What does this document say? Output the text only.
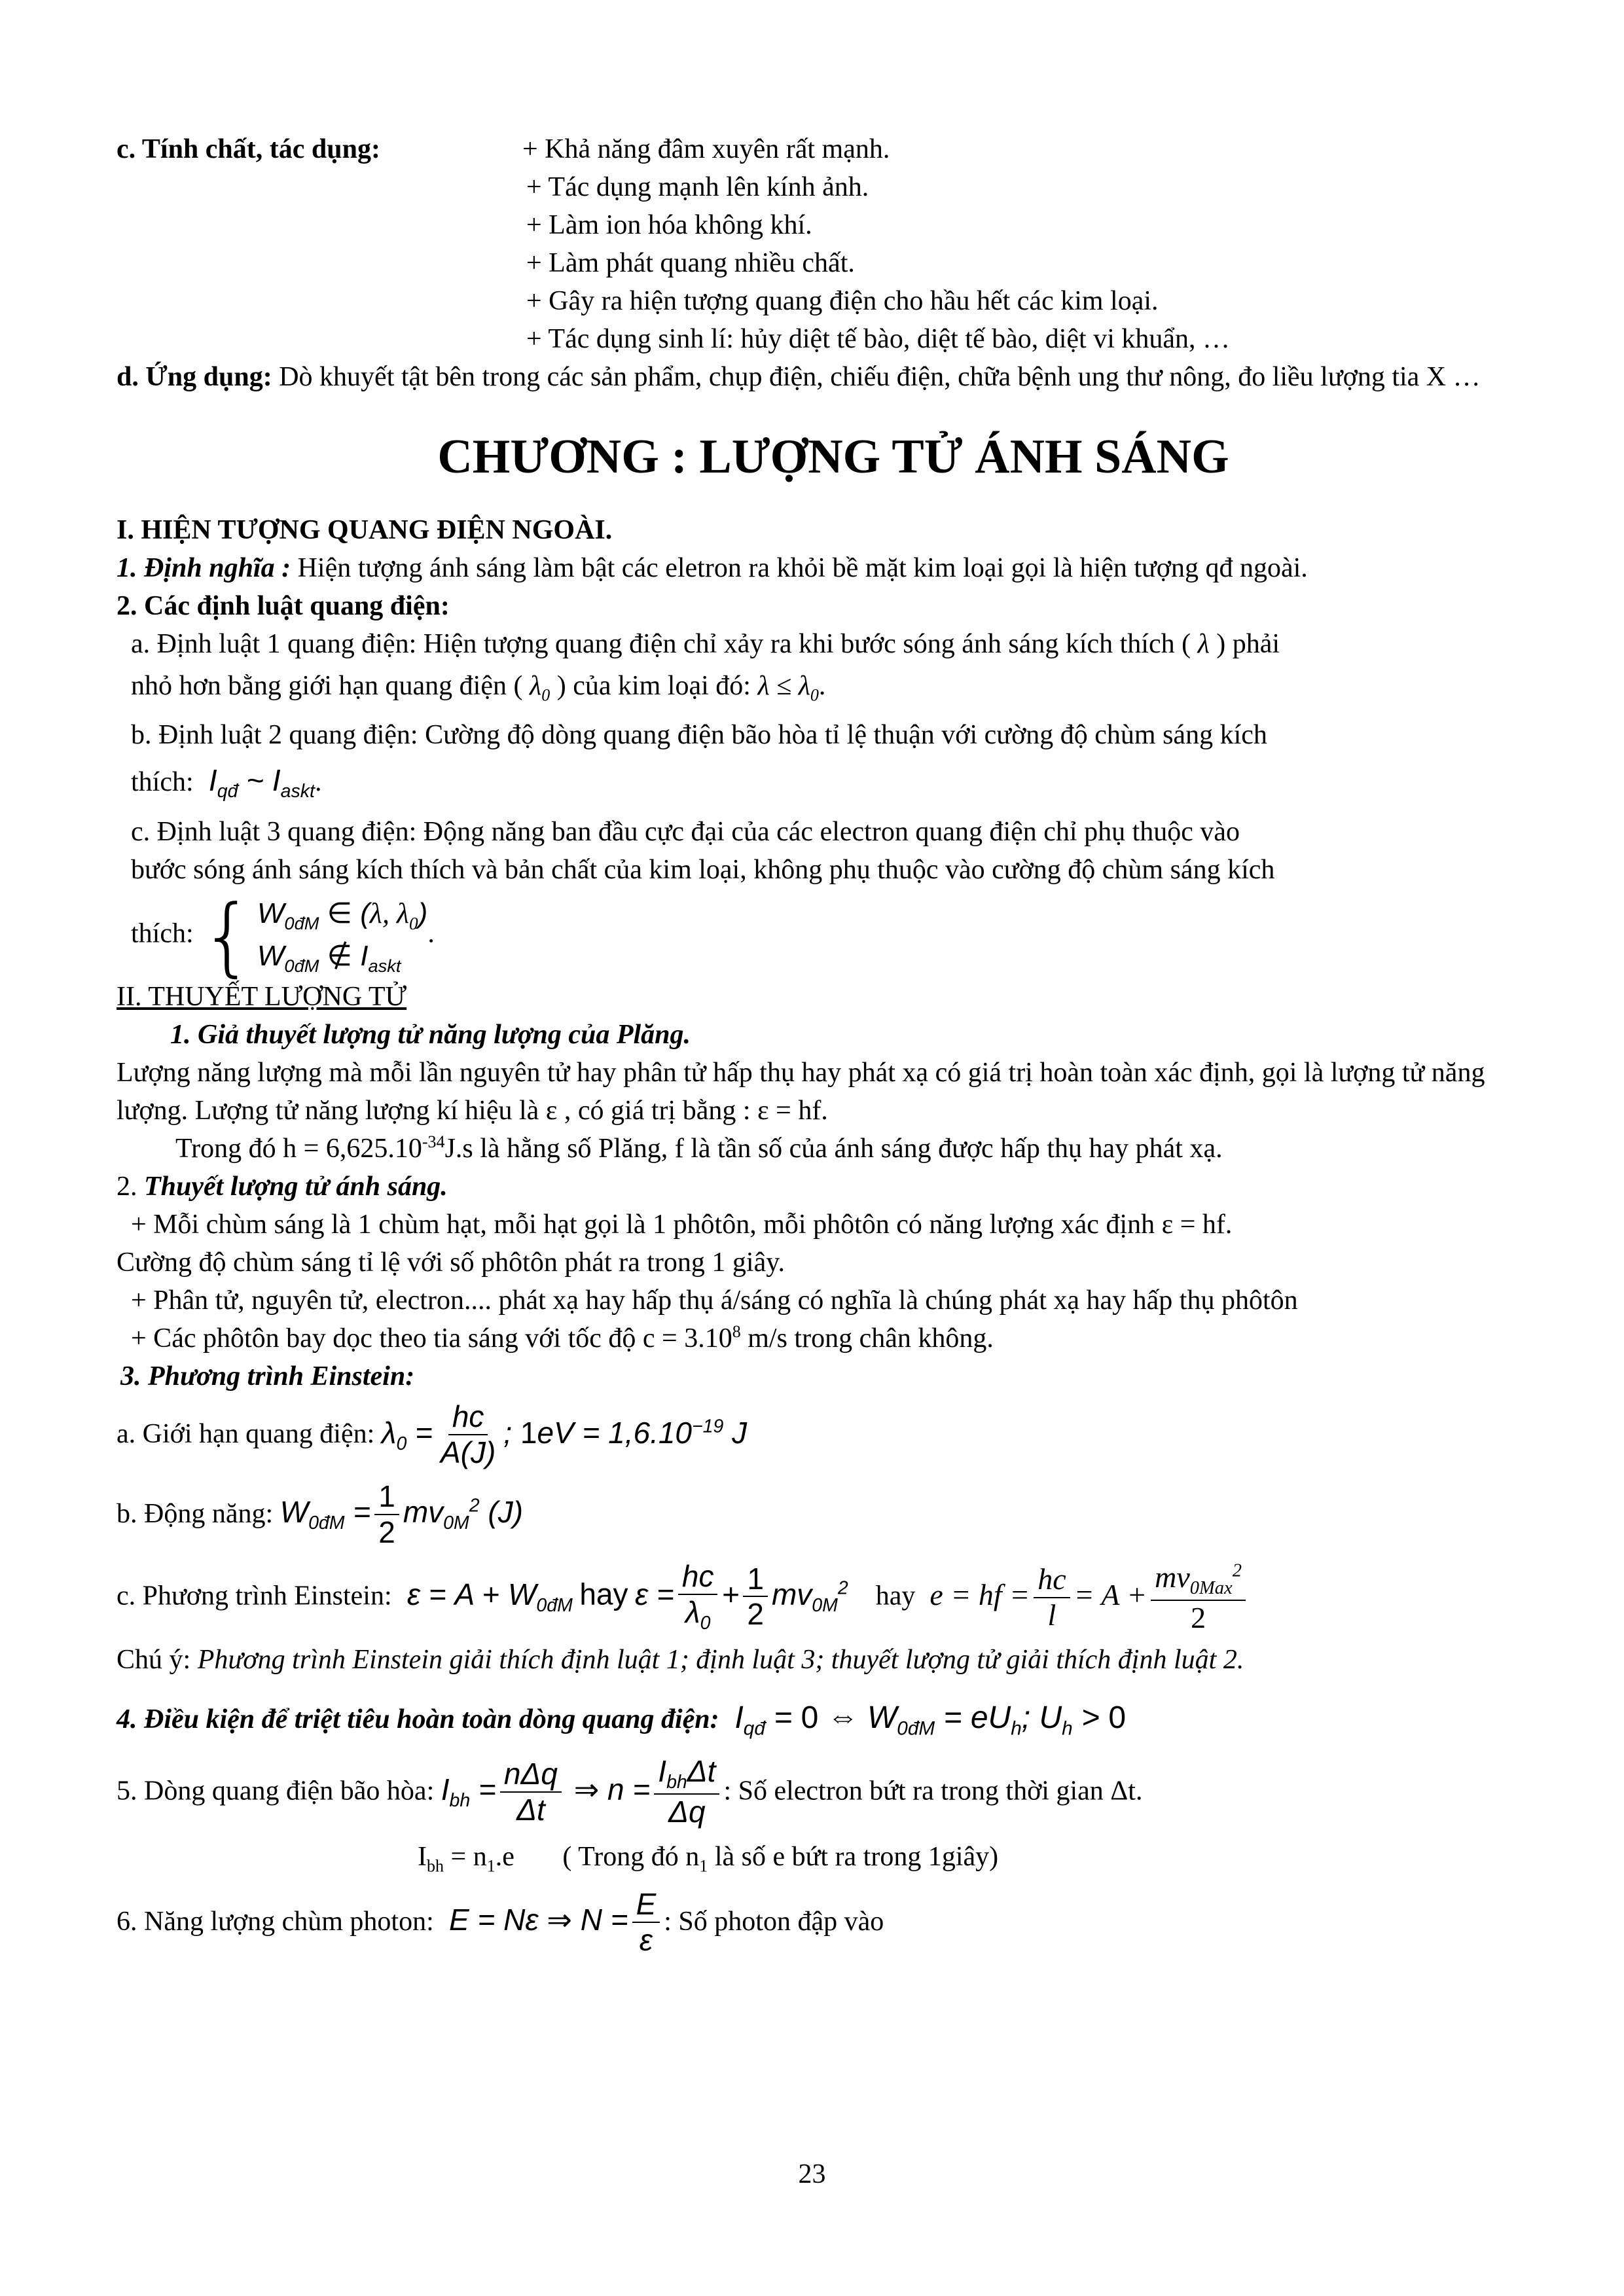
c. Tính chất, tác dụng:	+ Khả năng đâm xuyên rất mạnh.

+ Tác dụng mạnh lên kính ảnh.

+ Làm ion hóa không khí.

+ Làm phát quang nhiều chất.

+ Gây ra hiện tượng quang điện cho hầu hết các kim loại.

+ Tác dụng sinh lí: hủy diệt tế bào, diệt tế bào, diệt vi khuẩn, …

d. Ứng dụng: Dò khuyết tật bên trong các sản phẩm, chụp điện, chiếu điện, chữa bệnh ung thư nông, đo liều lượng tia X …

CHƯƠNG : LƯỢNG TỬ ÁNH SÁNG

I. HIỆN TƯỢNG QUANG ĐIỆN NGOÀI.

1. Định nghĩa : Hiện tượng ánh sáng làm bật các eletron ra khỏi bề mặt kim loại gọi là hiện tượng qđ ngoài.

2. Các định luật quang điện:

a. Định luật 1 quang điện: Hiện tượng quang điện chỉ xảy ra khi bước sóng ánh sáng kích thích ( λ ) phải

nhỏ hơn bằng giới hạn quang điện ( $\lambda_0$ ) của kim loại đó: $\lambda \le \lambda_0$.

b. Định luật 2 quang điện: Cường độ dòng quang điện bão hòa tỉ lệ thuận với cường độ chùm sáng kích

thích:  $I_{qđ}$ ~ $I_{askt}$.

c. Định luật 3 quang điện: Động năng ban đầu cực đại của các electron quang điện chỉ phụ thuộc vào

bước sóng ánh sáng kích thích và bản chất của kim loại, không phụ thuộc vào cường độ chùm sáng kích

thích: { $W_{0đM}$ ∈ (λ, $\lambda_0$)
$W_{0đM}$ ∉ $I_{askt}$
.

II. THUYẾT LƯỢNG TỬ

1. Giả thuyết lượng tử năng lượng của Plăng.

Lượng năng lượng mà mỗi lần nguyên tử hay phân tử hấp thụ hay phát xạ có giá trị hoàn toàn xác định, gọi là lượng tử năng lượng. Lượng tử năng lượng kí hiệu là ε , có giá trị bằng : ε = hf.

Trong đó $h = 6,625.10^{-34}J.s$ là hằng số Plăng, f là tần số của ánh sáng được hấp thụ hay phát xạ.

2. Thuyết lượng tử ánh sáng.

+ Mỗi chùm sáng là 1 chùm hạt, mỗi hạt gọi là 1 phôtôn, mỗi phôtôn có năng lượng xác định ε = hf.

Cường độ chùm sáng tỉ lệ với số phôtôn phát ra trong 1 giây.

+ Phân tử, nguyên tử, electron.... phát xạ hay hấp thụ á/sáng có nghĩa là chúng phát xạ hay hấp thụ phôtôn

+ Các phôtôn bay dọc theo tia sáng với tốc độ $c = 3.10^8$ m/s trong chân không.

3. Phương trình Einstein:

a. Giới hạn quang điện: $\lambda_0 = \frac{hc}{A(J)}$ ; $1eV = 1,6.10^{-19}$ J

b. Động năng: $W_{0đM} = \frac{1}{2} mv_{0M}^2$ (J)

c. Phương trình Einstein:  $\varepsilon = A + W_{0đM}$ hay $\varepsilon = \frac{hc}{\lambda_0} + \frac{1}{2} mv_{0M}^2$ hay  e = hf = $\frac{hc}{l} = A + \frac{mv_{0Max}^2}{2}$

Chú ý: Phương trình Einstein giải thích định luật 1; định luật 3; thuyết lượng tử giải thích định luật 2.

4. Điều kiện để triệt tiêu hoàn toàn dòng quang điện:  $I_{qđ} = 0$ ⇔ $W_{0đM} = eU_h$; $U_h > 0$

5. Dòng quang điện bão hòa: $I_{bh} = \frac{\text{nΔq}}{\Delta t}$ ⇒ $n = \frac{I_{bh}\Delta t}{\Delta q}$ : Số electron bứt ra trong thời gian Δt.

$I_{bh} = n_1.e$ ( Trong đó $n_1$ là số e bứt ra trong 1giây)

6. Năng lượng chùm photon:  E = Nε ⇒ $N = \frac{E}{\varepsilon}$ : Số photon đập vào

23
